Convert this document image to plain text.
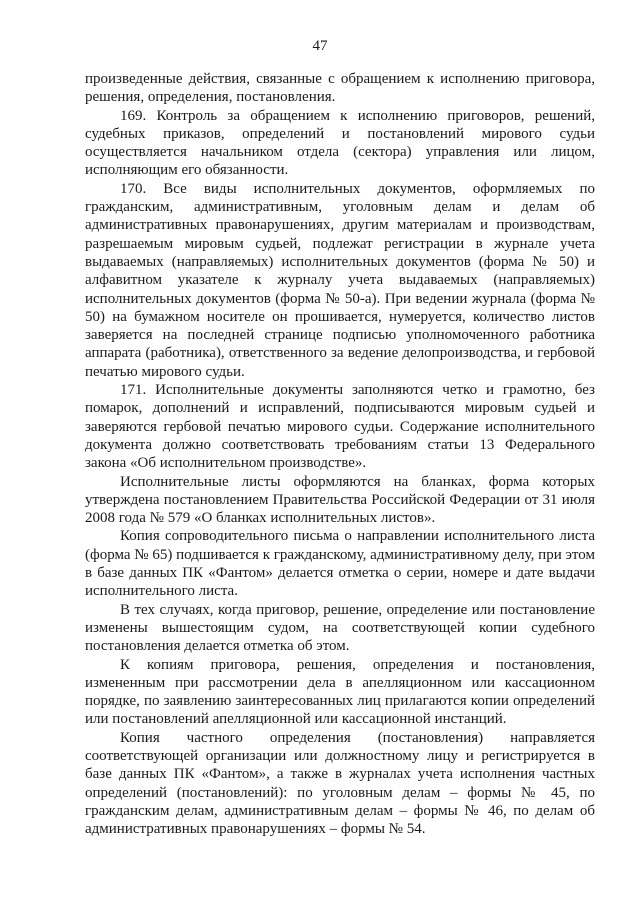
47

произведенные действия, связанные с обращением к исполнению приговора, решения, определения, постановления.

169. Контроль за обращением к исполнению приговоров, решений, судебных приказов, определений и постановлений мирового судьи осуществляется начальником отдела (сектора) управления или лицом, исполняющим его обязанности.

170. Все виды исполнительных документов, оформляемых по гражданским, административным, уголовным делам и делам об административных правонарушениях, другим материалам и производствам, разрешаемым мировым судьей, подлежат регистрации в журнале учета выдаваемых (направляемых) исполнительных документов (форма № 50) и алфавитном указателе к журналу учета выдаваемых (направляемых) исполнительных документов (форма № 50-а). При ведении журнала (форма № 50) на бумажном носителе он прошивается, нумеруется, количество листов заверяется на последней странице подписью уполномоченного работника аппарата (работника), ответственного за ведение делопроизводства, и гербовой печатью мирового судьи.

171. Исполнительные документы заполняются четко и грамотно, без помарок, дополнений и исправлений, подписываются мировым судьей и заверяются гербовой печатью мирового судьи. Содержание исполнительного документа должно соответствовать требованиям статьи 13 Федерального закона «Об исполнительном производстве».

Исполнительные листы оформляются на бланках, форма которых утверждена постановлением Правительства Российской Федерации от 31 июля 2008 года № 579 «О бланках исполнительных листов».

Копия сопроводительного письма о направлении исполнительного листа (форма № 65) подшивается к гражданскому, административному делу, при этом в базе данных ПК «Фантом» делается отметка о серии, номере и дате выдачи исполнительного листа.

В тех случаях, когда приговор, решение, определение или постановление изменены вышестоящим судом, на соответствующей копии судебного постановления делается отметка об этом.

К копиям приговора, решения, определения и постановления, измененным при рассмотрении дела в апелляционном или кассационном порядке, по заявлению заинтересованных лиц прилагаются копии определений или постановлений апелляционной или кассационной инстанций.

Копия частного определения (постановления) направляется соответствующей организации или должностному лицу и регистрируется в базе данных ПК «Фантом», а также в журналах учета исполнения частных определений (постановлений): по уголовным делам – формы № 45, по гражданским делам, административным делам – формы № 46, по делам об административных правонарушениях – формы № 54.
